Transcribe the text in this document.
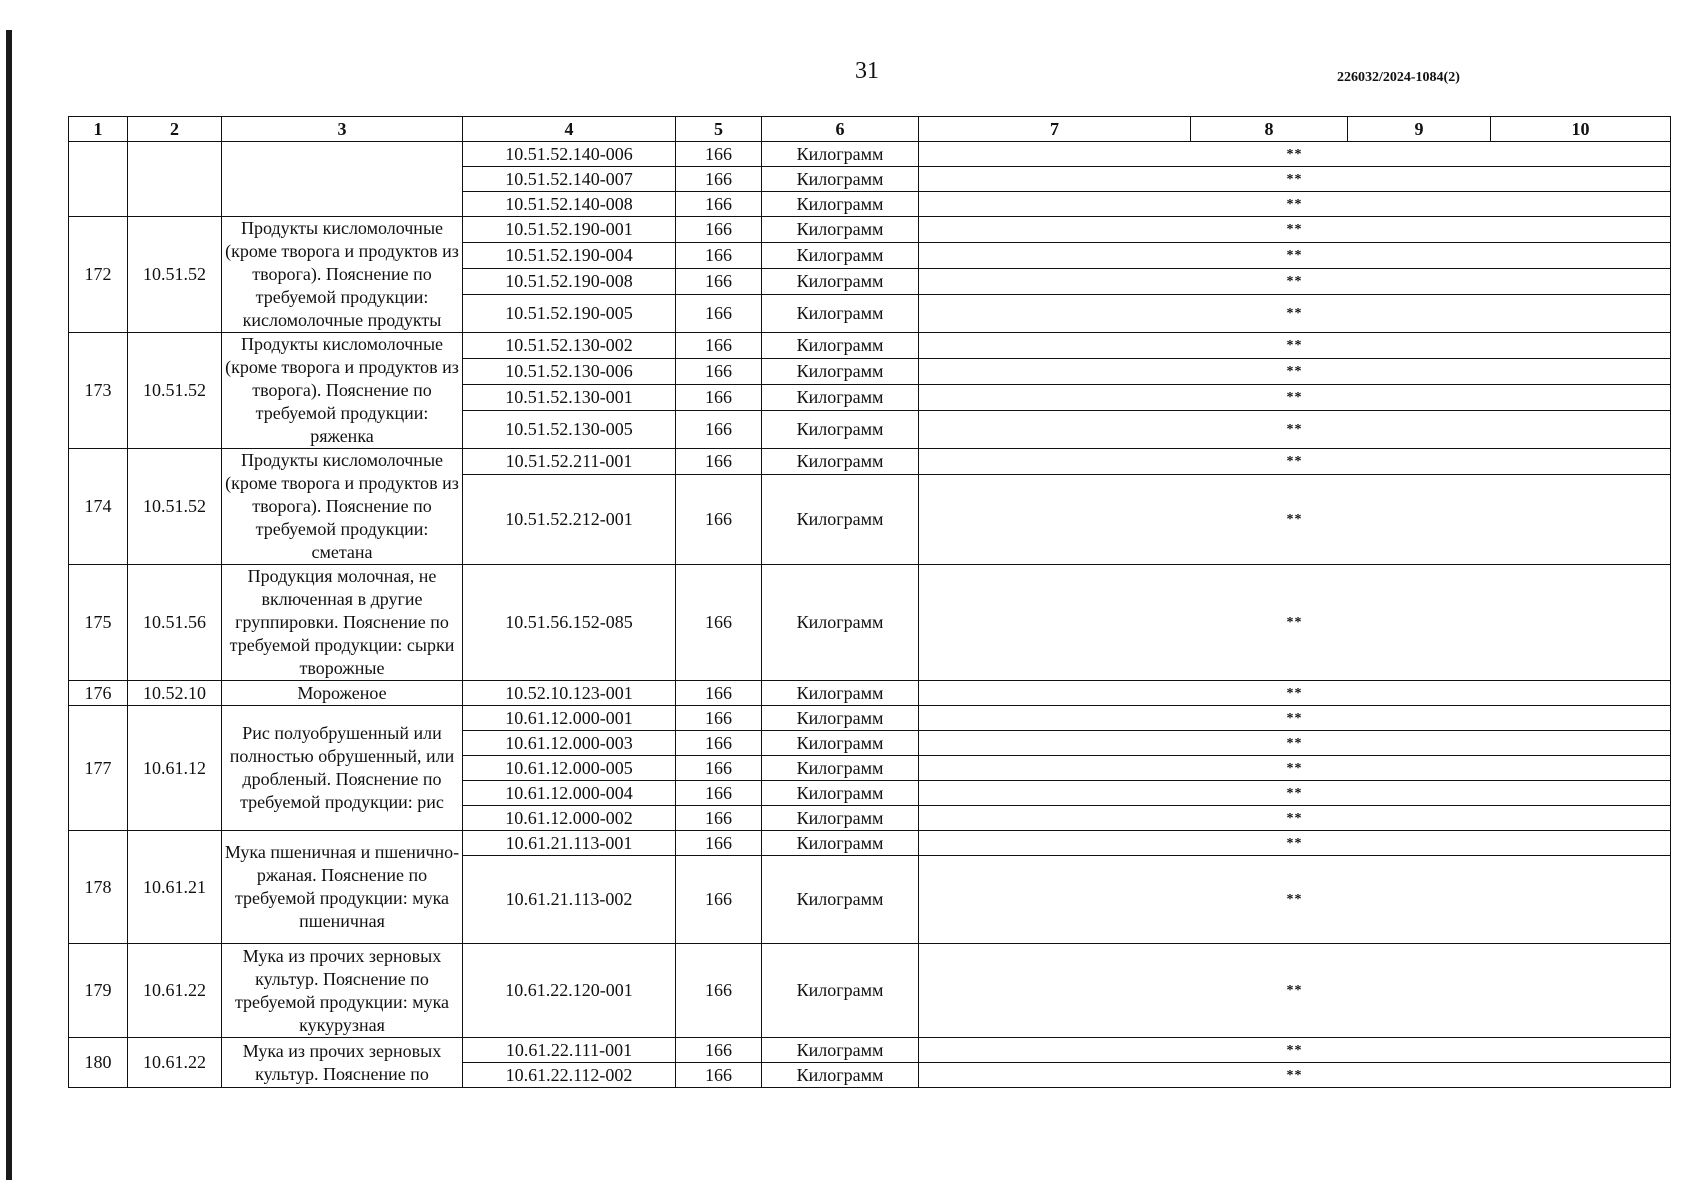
31	226032/2024-1084(2)
1	2	3	4	5	6	7	8	9	10
			10.51.52.140-006	166	Килограмм	**			
			10.51.52.140-007	166	Килограмм	**			
			10.51.52.140-008	166	Килограмм	**			
172	10.51.52	Продукты кисломолочные (кроме творога и продуктов из творога). Пояснение по требуемой продукции: кисломолочные продукты	10.51.52.190-001	166	Килограмм	**			
			10.51.52.190-004	166	Килограмм	**			
			10.51.52.190-008	166	Килограмм	**			
			10.51.52.190-005	166	Килограмм	**			
173	10.51.52	Продукты кисломолочные (кроме творога и продуктов из творога). Пояснение по требуемой продукции: ряженка	10.51.52.130-002	166	Килограмм	**			
			10.51.52.130-006	166	Килограмм	**			
			10.51.52.130-001	166	Килограмм	**			
			10.51.52.130-005	166	Килограмм	**			
174	10.51.52	Продукты кисломолочные (кроме творога и продуктов из творога). Пояснение по требуемой продукции: сметана	10.51.52.211-001	166	Килограмм	**			
			10.51.52.212-001	166	Килограмм	**			
175	10.51.56	Продукция молочная, не включенная в другие группировки. Пояснение по требуемой продукции: сырки творожные	10.51.56.152-085	166	Килограмм	**			
176	10.52.10	Мороженое	10.52.10.123-001	166	Килограмм	**			
177	10.61.12	Рис полуобрушенный или полностью обрушенный, или дробленый. Пояснение по требуемой продукции: рис	10.61.12.000-001	166	Килограмм	**			
			10.61.12.000-003	166	Килограмм	**			
			10.61.12.000-005	166	Килограмм	**			
			10.61.12.000-004	166	Килограмм	**			
			10.61.12.000-002	166	Килограмм	**			
178	10.61.21	Мука пшеничная и пшенично-ржаная. Пояснение по требуемой продукции: мука пшеничная	10.61.21.113-001	166	Килограмм	**			
			10.61.21.113-002	166	Килограмм	**			
179	10.61.22	Мука из прочих зерновых культур. Пояснение по требуемой продукции: мука кукурузная	10.61.22.120-001	166	Килограмм	**			
180	10.61.22	Мука из прочих зерновых культур. Пояснение по	10.61.22.111-001	166	Килограмм	**			
			10.61.22.112-002	166	Килограмм	**			
